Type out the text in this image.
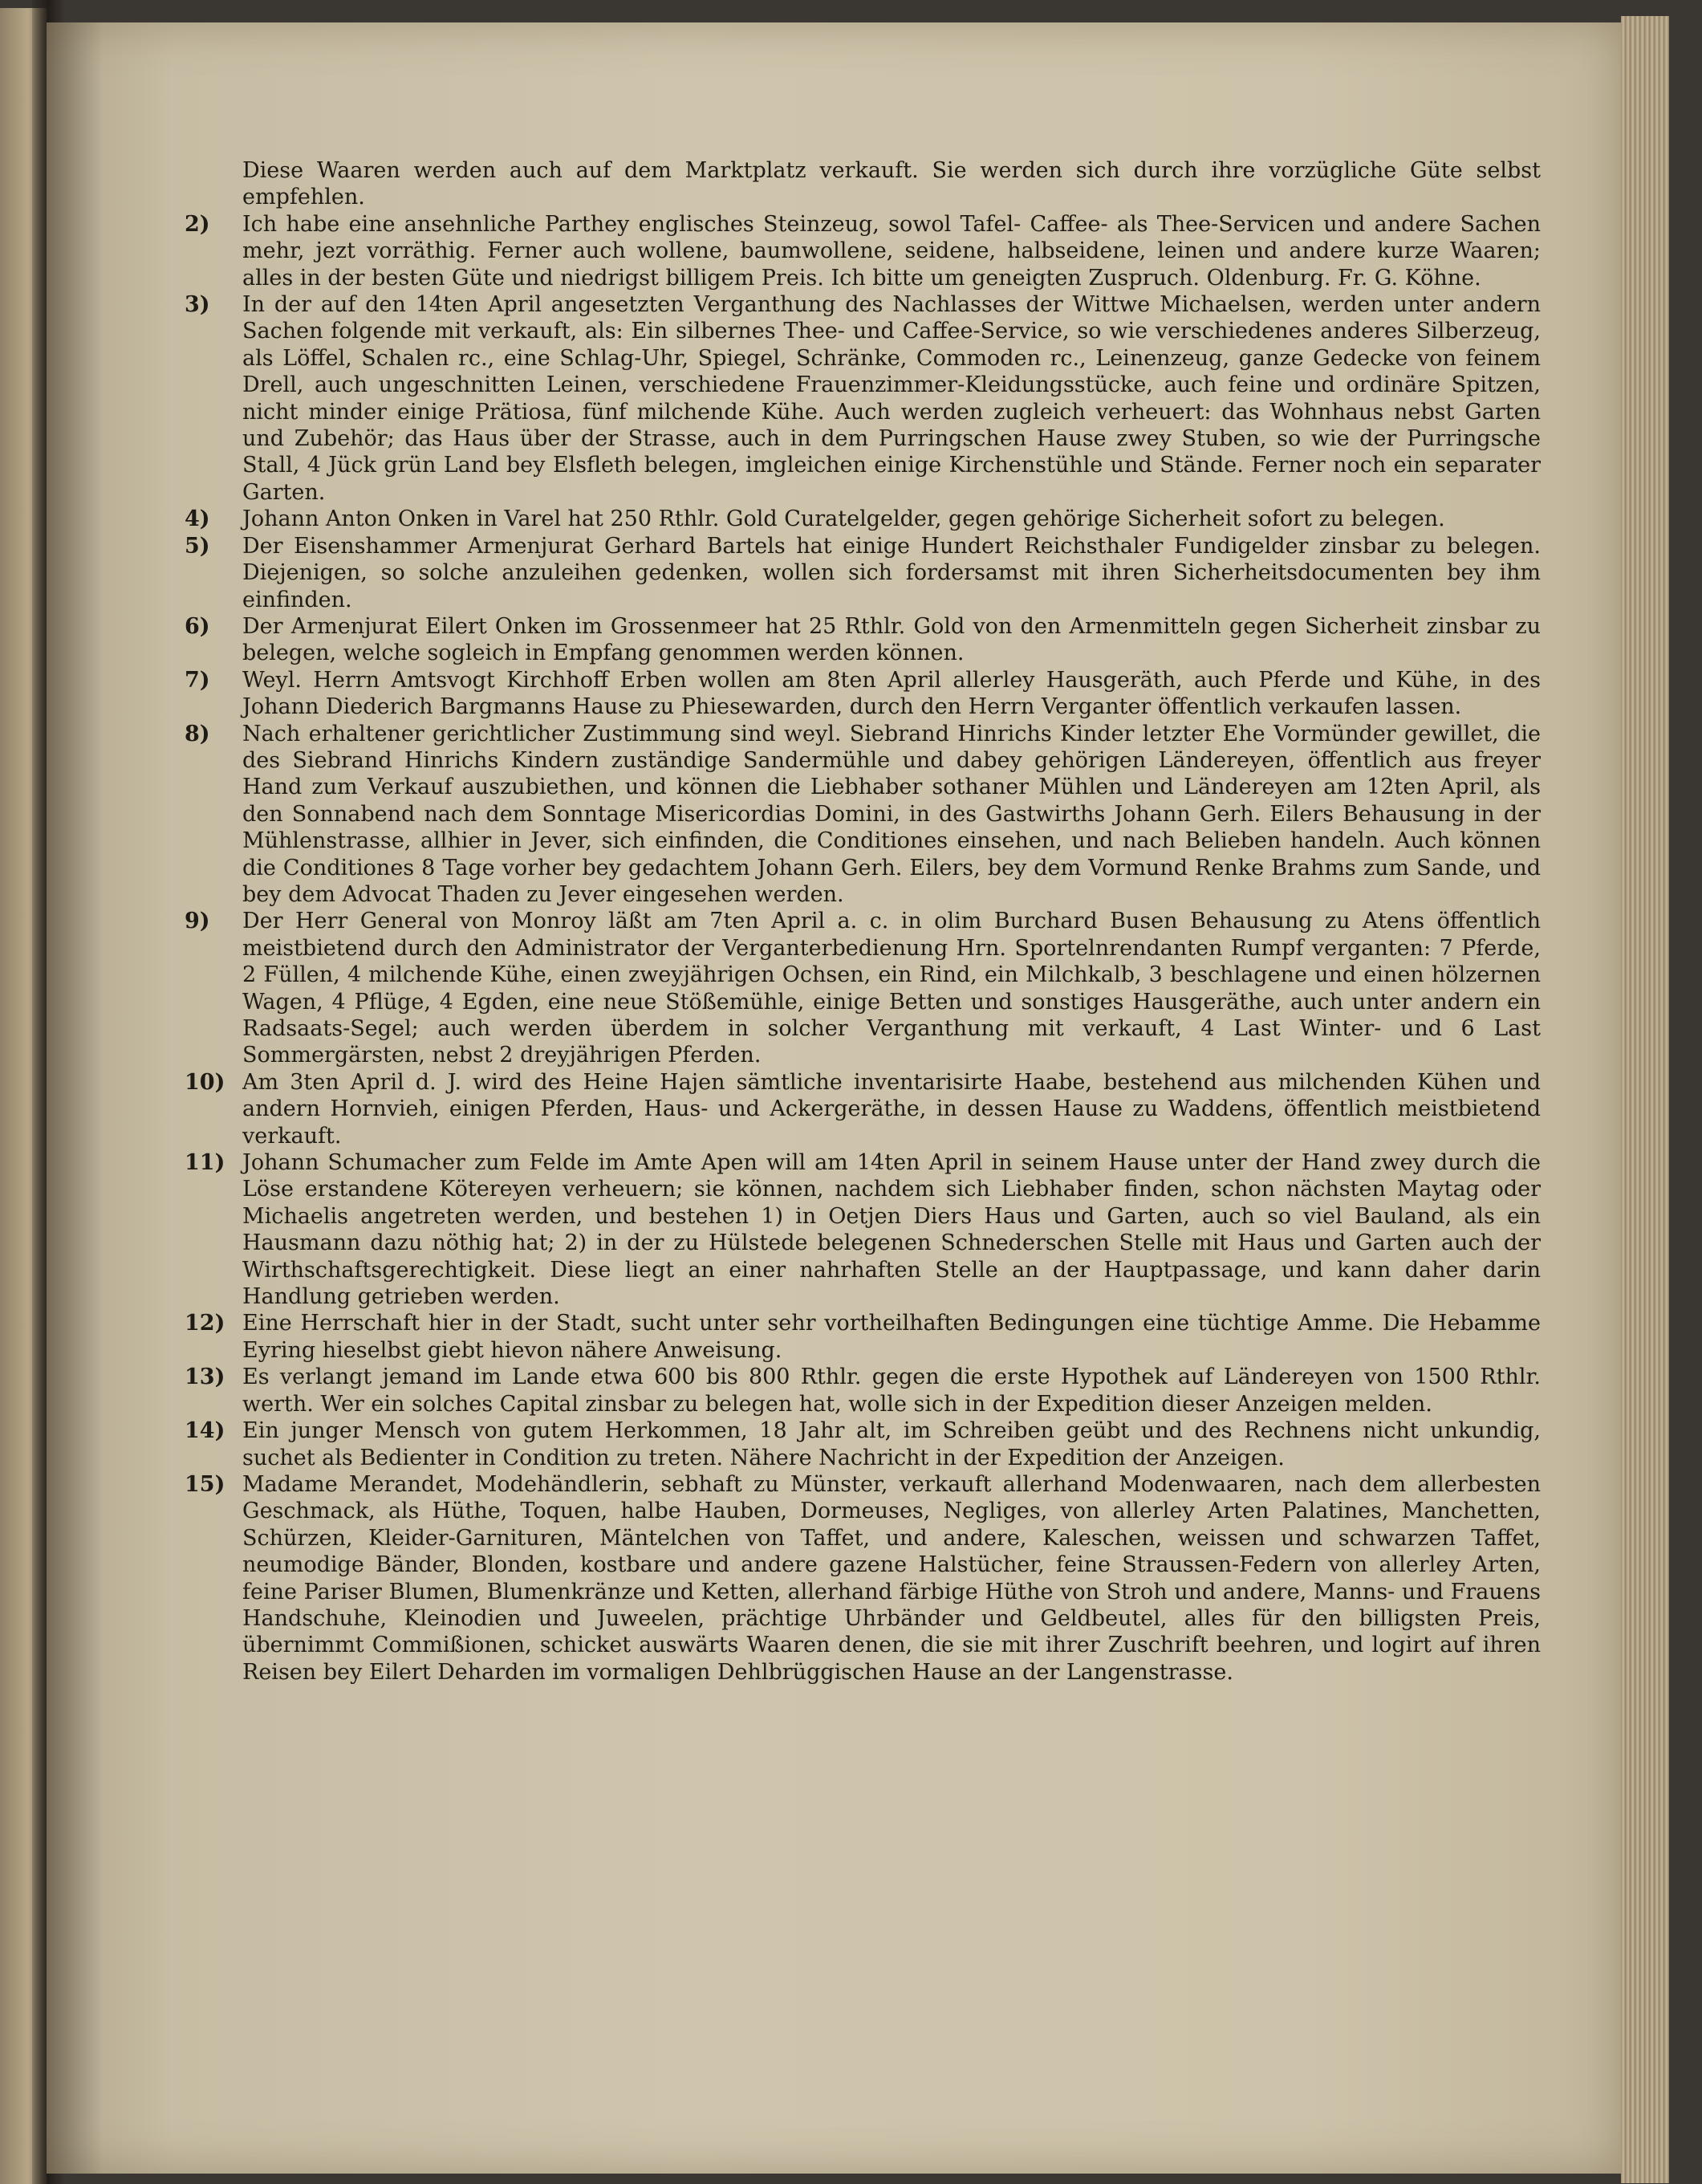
Diese Waaren werden auch auf dem Marktplatz verkauft. Sie werden sich durch ihre vorzügliche Güte selbst empfehlen.

2)	Ich habe eine ansehnliche Parthey englisches Steinzeug, sowol Tafel- Caffee- als Thee-Servicen und andere Sachen mehr, jezt vorräthig. Ferner auch wollene, baumwollene, seidene, halbseidene, leinen und andere kurze Waaren; alles in der besten Güte und niedrigst billigem Preis. Ich bitte um geneigten Zuspruch. Oldenburg. Fr. G. Köhne.

3)	In der auf den 14ten April angesetzten Verganthung des Nachlasses der Wittwe Michaelsen, werden unter andern Sachen folgende mit verkauft, als: Ein silbernes Thee- und Caffee-Service, so wie verschiedenes anderes Silberzeug, als Löffel, Schalen rc., eine Schlag-Uhr, Spiegel, Schränke, Commoden rc., Leinenzeug, ganze Gedecke von feinem Drell, auch ungeschnitten Leinen, verschiedene Frauenzimmer-Kleidungsstücke, auch feine und ordinäre Spitzen, nicht minder einige Prätiosa, fünf milchende Kühe. Auch werden zugleich verheuert: das Wohnhaus nebst Garten und Zubehör; das Haus über der Strasse, auch in dem Purringschen Hause zwey Stuben, so wie der Purringsche Stall, 4 Jück grün Land bey Elsfleth belegen, imgleichen einige Kirchenstühle und Stände. Ferner noch ein separater Garten.

4)	Johann Anton Onken in Varel hat 250 Rthlr. Gold Curatelgelder, gegen gehörige Sicherheit sofort zu belegen.

5)	Der Eisenshammer Armenjurat Gerhard Bartels hat einige Hundert Reichsthaler Fundigelder zinsbar zu belegen. Diejenigen, so solche anzuleihen gedenken, wollen sich fordersamst mit ihren Sicherheitsdocumenten bey ihm einfinden.

6)	Der Armenjurat Eilert Onken im Grossenmeer hat 25 Rthlr. Gold von den Armenmitteln gegen Sicherheit zinsbar zu belegen, welche sogleich in Empfang genommen werden können.

7)	Weyl. Herrn Amtsvogt Kirchhoff Erben wollen am 8ten April allerley Hausgeräth, auch Pferde und Kühe, in des Johann Diederich Bargmanns Hause zu Phiesewarden, durch den Herrn Verganter öffentlich verkaufen lassen.

8)	Nach erhaltener gerichtlicher Zustimmung sind weyl. Siebrand Hinrichs Kinder letzter Ehe Vormünder gewillet, die des Siebrand Hinrichs Kindern zuständige Sandermühle und dabey gehörigen Ländereyen, öffentlich aus freyer Hand zum Verkauf auszubiethen, und können die Liebhaber sothaner Mühlen und Ländereyen am 12ten April, als den Sonnabend nach dem Sonntage Misericordias Domini, in des Gastwirths Johann Gerh. Eilers Behausung in der Mühlenstrasse, allhier in Jever, sich einfinden, die Conditiones einsehen, und nach Belieben handeln. Auch können die Conditiones 8 Tage vorher bey gedachtem Johann Gerh. Eilers, bey dem Vormund Renke Brahms zum Sande, und bey dem Advocat Thaden zu Jever eingesehen werden.

9)	Der Herr General von Monroy läßt am 7ten April a. c. in olim Burchard Busen Behausung zu Atens öffentlich meistbietend durch den Administrator der Verganterbedienung Hrn. Sportelnrendanten Rumpf verganten: 7 Pferde, 2 Füllen, 4 milchende Kühe, einen zweyjährigen Ochsen, ein Rind, ein Milchkalb, 3 beschlagene und einen hölzernen Wagen, 4 Pflüge, 4 Egden, eine neue Stößemühle, einige Betten und sonstiges Hausgeräthe, auch unter andern ein Radsaats-Segel; auch werden überdem in solcher Verganthung mit verkauft, 4 Last Winter- und 6 Last Sommergärsten, nebst 2 dreyjährigen Pferden.

10) Am 3ten April d. J. wird des Heine Hajen sämtliche inventarisirte Haabe, bestehend aus milchenden Kühen und andern Hornvieh, einigen Pferden, Haus- und Ackergeräthe, in dessen Hause zu Waddens, öffentlich meistbietend verkauft.

11) Johann Schumacher zum Felde im Amte Apen will am 14ten April in seinem Hause unter der Hand zwey durch die Löse erstandene Kötereyen verheuern; sie können, nachdem sich Liebhaber finden, schon nächsten Maytag oder Michaelis angetreten werden, und bestehen 1) in Oetjen Diers Haus und Garten, auch so viel Bauland, als ein Hausmann dazu nöthig hat; 2) in der zu Hülstede belegenen Schnederschen Stelle mit Haus und Garten auch der Wirthschaftsgerechtigkeit. Diese liegt an einer nahrhaften Stelle an der Hauptpassage, und kann daher darin Handlung getrieben werden.

12) Eine Herrschaft hier in der Stadt, sucht unter sehr vortheilhaften Bedingungen eine tüchtige Amme. Die Hebamme Eyring hieselbst giebt hievon nähere Anweisung.

13) Es verlangt jemand im Lande etwa 600 bis 800 Rthlr. gegen die erste Hypothek auf Ländereyen von 1500 Rthlr. werth. Wer ein solches Capital zinsbar zu belegen hat, wolle sich in der Expedition dieser Anzeigen melden.

14) Ein junger Mensch von gutem Herkommen, 18 Jahr alt, im Schreiben geübt und des Rechnens nicht unkundig, suchet als Bedienter in Condition zu treten. Nähere Nachricht in der Expedition der Anzeigen.

15) Madame Merandet, Modehändlerin, sebhaft zu Münster, verkauft allerhand Modenwaaren, nach dem allerbesten Geschmack, als Hüthe, Toquen, halbe Hauben, Dormeuses, Negliges, von allerley Arten Palatines, Manchetten, Schürzen, Kleider-Garnituren, Mäntelchen von Taffet, und andere, Kaleschen, weissen und schwarzen Taffet, neumodige Bänder, Blonden, kostbare und andere gazene Halstücher, feine Straussen-Federn von allerley Arten, feine Pariser Blumen, Blumenkränze und Ketten, allerhand färbige Hüthe von Stroh und andere, Manns- und Frauens Handschuhe, Kleinodien und Juweelen, prächtige Uhrbänder und Geldbeutel, alles für den billigsten Preis, übernimmt Commißionen, schicket auswärts Waaren denen, die sie mit ihrer Zuschrift beehren, und logirt auf ihren Reisen bey Eilert Deharden im vormaligen Dehlbrüggischen Hause an der Langenstrasse.
